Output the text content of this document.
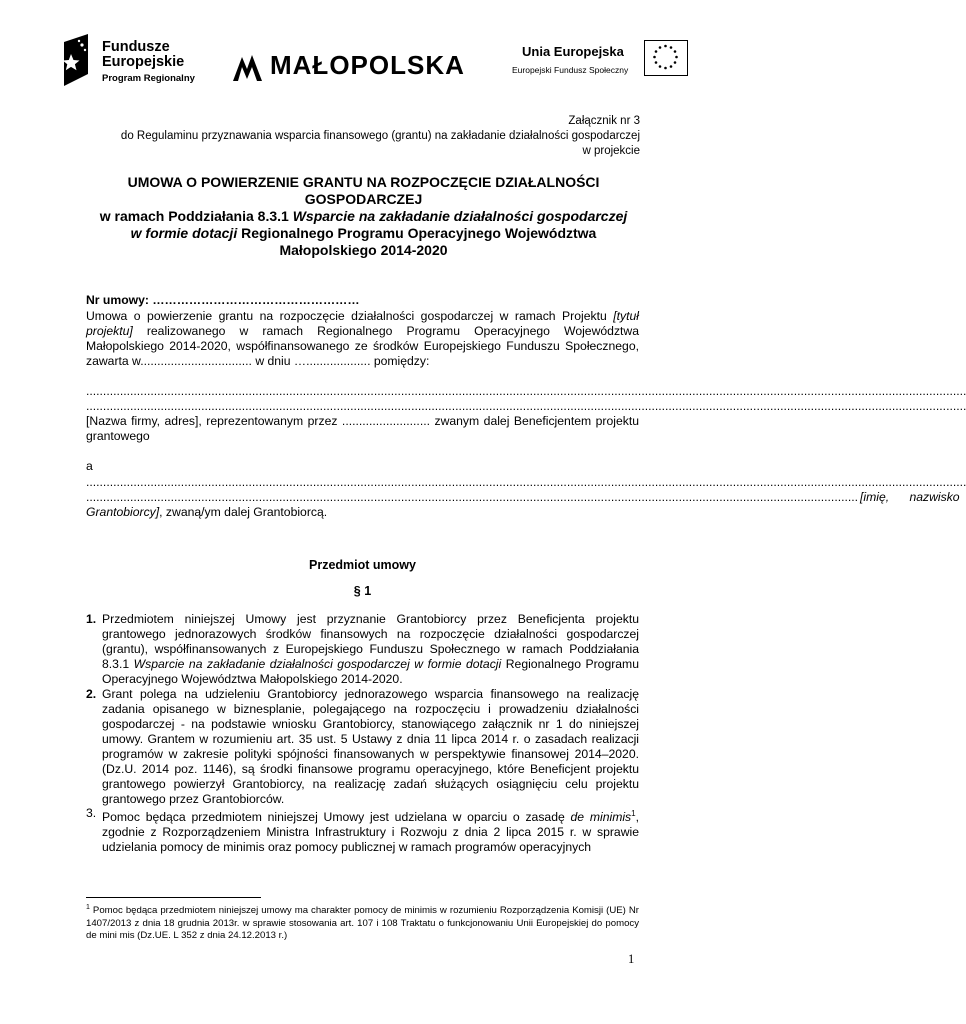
Fundusze
Europejskie
Program Regionalny	MAŁOPOLSKA	Unia Europejska
Europejski Fundusz Społeczny
Załącznik nr 3
do Regulaminu przyznawania wsparcia finansowego (grantu) na zakładanie działalności gospodarczej
w projekcie
UMOWA O POWIERZENIE GRANTU NA ROZPOCZĘCIE DZIAŁALNOŚCI
GOSPODARCZEJ
w ramach Poddziałania 8.3.1 Wsparcie na zakładanie działalności gospodarczej
w formie dotacji Regionalnego Programu Operacyjnego Województwa
Małopolskiego 2014-2020
Nr umowy: ……………………………………………
Umowa o powierzenie grantu na rozpoczęcie działalności gospodarczej w ramach Projektu [tytuł projektu] realizowanego w ramach Regionalnego Programu Operacyjnego Województwa Małopolskiego 2014-2020, współfinansowanego ze środków Europejskiego Funduszu Społecznego, zawarta w................................. w dniu …................... pomiędzy:
....................................................................................................................................................................................................................................................................
....................................................................................................................................................................................................................................................................
[Nazwa firmy, adres], reprezentowanym przez .......................... zwanym dalej Beneficjentem projektu grantowego
a
....................................................................................................................................................................................................................................................................
.................................................................................................................................................................................................................................... [imię,      nazwisko
Grantobiorcy], zwaną/ym dalej Grantobiorcą.
Przedmiot umowy
§ 1
1. Przedmiotem niniejszej Umowy jest przyznanie Grantobiorcy przez Beneficjenta projektu grantowego jednorazowych środków finansowych na rozpoczęcie działalności gospodarczej (grantu), współfinansowanych z Europejskiego Funduszu Społecznego w ramach Poddziałania 8.3.1 Wsparcie na zakładanie działalności gospodarczej w formie dotacji Regionalnego Programu Operacyjnego Województwa Małopolskiego 2014-2020.
2. Grant polega na udzieleniu Grantobiorcy jednorazowego wsparcia finansowego na realizację zadania opisanego w biznesplanie, polegającego na rozpoczęciu i prowadzeniu działalności gospodarczej - na podstawie wniosku Grantobiorcy, stanowiącego załącznik nr 1 do niniejszej umowy. Grantem w rozumieniu art. 35 ust. 5 Ustawy z dnia 11 lipca 2014 r. o zasadach realizacji programów w zakresie polityki spójności finansowanych w perspektywie finansowej 2014–2020. (Dz.U. 2014 poz. 1146), są środki finansowe programu operacyjnego, które Beneficjent projektu grantowego powierzył Grantobiorcy, na realizację zadań służących osiągnięciu celu projektu grantowego przez Grantobiorców.
3. Pomoc będąca przedmiotem niniejszej Umowy jest udzielana w oparciu o zasadę de minimis$^1$, zgodnie z Rozporządzeniem Ministra Infrastruktury i Rozwoju z dnia 2 lipca 2015 r. w sprawie udzielania pomocy de minimis oraz pomocy publicznej w ramach programów operacyjnych
$^1$ Pomoc będąca przedmiotem niniejszej umowy ma charakter pomocy de minimis w rozumieniu Rozporządzenia Komisji (UE) Nr 1407/2013 z dnia 18 grudnia 2013r. w sprawie stosowania art. 107 i 108 Traktatu o funkcjonowaniu Unii Europejskiej do pomocy de mini mis (Dz.UE. L 352 z dnia 24.12.2013 r.)
1
